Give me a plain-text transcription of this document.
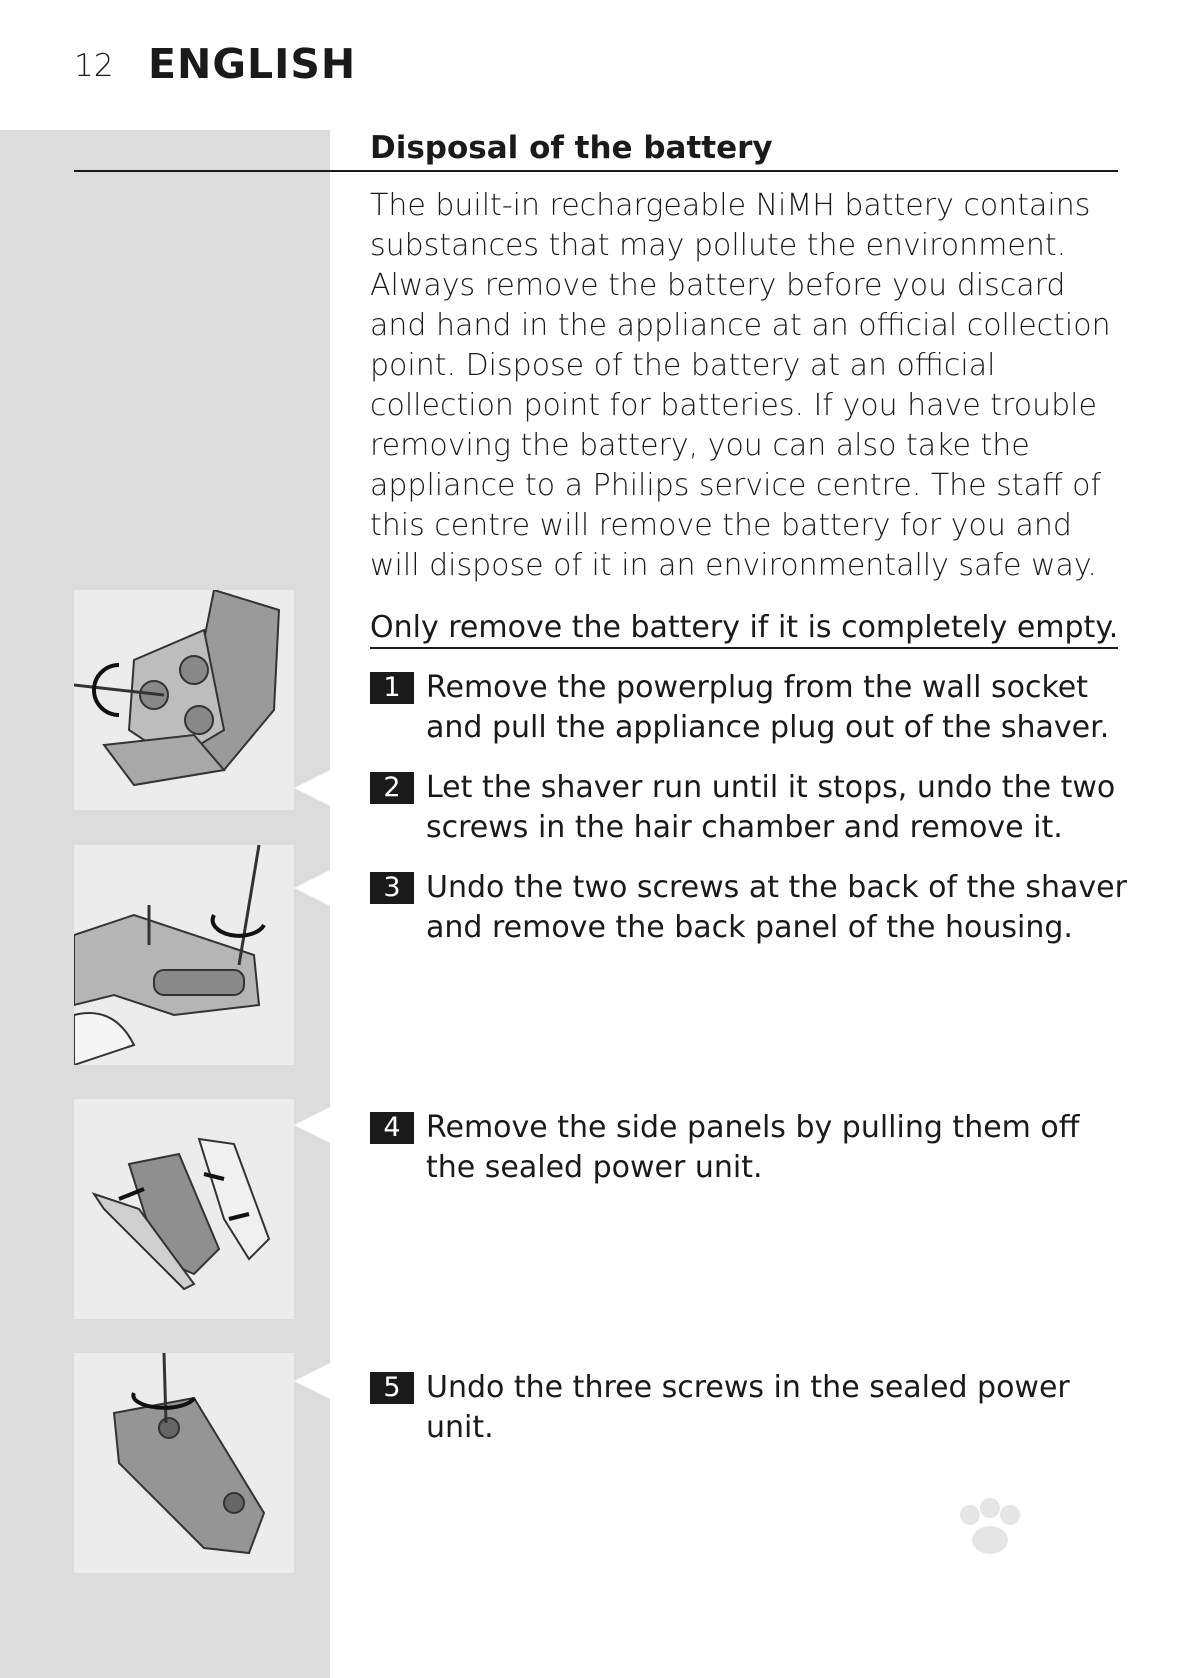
12 ENGLISH
Disposal of the battery

The built-in rechargeable NiMH battery contains substances that may pollute the environment. Always remove the battery before you discard and hand in the appliance at an official collection point. Dispose of the battery at an official collection point for batteries. If you have trouble removing the battery, you can also take the appliance to a Philips service centre. The staff of this centre will remove the battery for you and will dispose of it in an environmentally safe way.

Only remove the battery if it is completely empty.
1 Remove the powerplug from the wall socket and pull the appliance plug out of the shaver.
2 Let the shaver run until it stops, undo the two screws in the hair chamber and remove it.
3 Undo the two screws at the back of the shaver and remove the back panel of the housing.
4 Remove the side panels by pulling them off the sealed power unit.
5 Undo the three screws in the sealed power unit.
